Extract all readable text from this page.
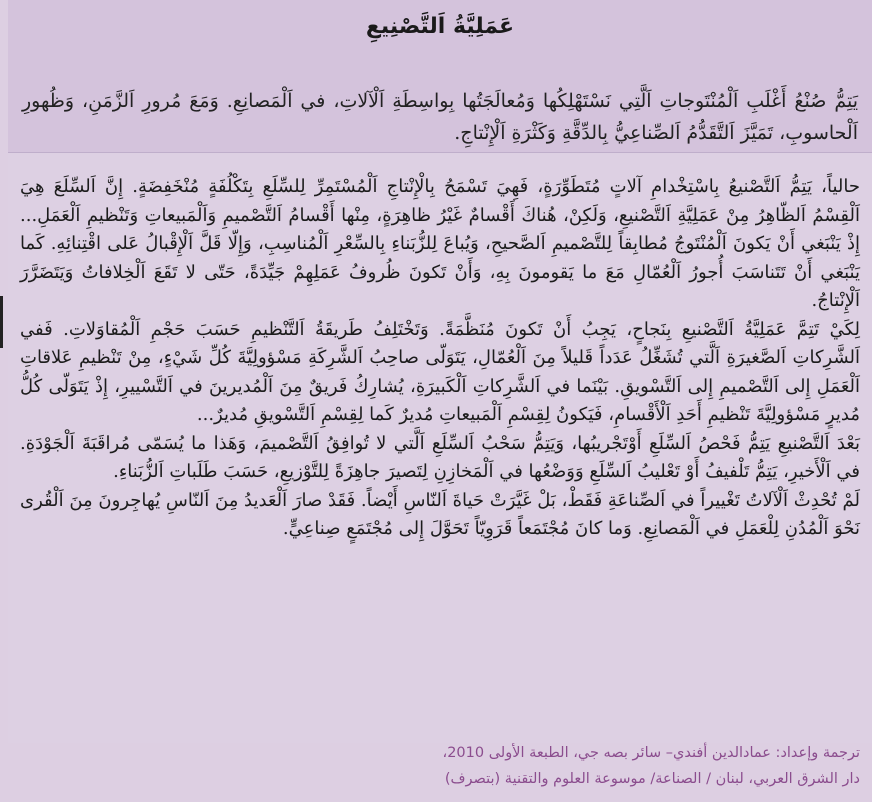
عَمَلِيَّةُ اَلتَّصْنِيعِ

يَتِمُّ صُنْعُ أَغْلَبِ اَلْمُنْتَوجاتِ اَلَّتِي نَسْتَهْلِكُها وَمُعالَجَتُها بِواسِطَةِ اَلْآلاتِ، في اَلْمَصانِعِ. وَمَعَ مُرورِ اَلزَّمَنِ، وَظُهورِ اَلْحاسوبِ، تَمَيَّزَ اَلتَّقَدُّمُ اَلصِّناعِيُّ بِالدِّقَّةِ وَكَثْرَةِ اَلْإِنْتاجِ.

حالياً، يَتِمُّ اَلتَّصْنيعُ بِاسْتِخْدامِ آلاتٍ مُتَطَوِّرَةٍ، فَهِيَ تَسْمَحُ بِالْإِنْتاجِ اَلْمُسْتَمِرِّ لِلسِّلَعِ بِتَكْلُفَةٍ مُنْخَفِضَةٍ. إِنَّ اَلسِّلَعَ هِيَ اَلْقِسْمُ اَلظّاهِرُ مِنْ عَمَلِيَّةِ اَلتَّصْنيعِ، وَلَكِنْ، هُناكَ أَقْسامٌ غَيْرُ ظاهِرَةٍ، مِنْها أَقْسامُ اَلتَّصْميمِ وَاَلْمَبيعاتِ وَتَنْظيمِ اَلْعَمَلِ... إِذْ يَنْبَغي أَنْ يَكونَ اَلْمُنْتَوجُ مُطابِقاً لِلتَّصْميمِ اَلصَّحيحِ، وَيُباعَ لِلزُّبَناءِ بِالسِّعْرِ اَلْمُناسِبِ، وَإِلّا قَلَّ اَلْإِقْبالُ عَلى اقْتِنائِهِ. كَما يَنْبَغي أَنْ تَتَناسَبَ أُجورُ اَلْعُمّالِ مَعَ ما يَقومونَ بِهِ، وَأَنْ تَكونَ ظُروفُ عَمَلِهِمْ جَيِّدَةً، حَتّى لا تَقَعَ اَلْخِلافاتُ وَيَتَضَرَّرَ اَلْإِنْتاجُ.

لِكَيْ تَتِمَّ عَمَلِيَّةُ اَلتَّصْنيعِ بِنَجاحٍ، يَجِبُ أَنْ تَكونَ مُنَظَّمَةً. وَتَخْتَلِفُ طَريقَةُ اَلتَّنْظيمِ حَسَبَ حَجْمِ اَلْمُقاوَلاتِ. فَفي اَلشَّرِكاتِ اَلصَّغيرَةِ اَلَّتي تُشَغِّلُ عَدَداً قَليلاً مِنَ اَلْعُمّالِ، يَتَوَلّى صاحِبُ اَلشَّرِكَةِ مَسْؤولِيَّةَ كُلِّ شَيْءٍ، مِنْ تَنْظيمِ عَلاقاتِ اَلْعَمَلِ إِلى اَلتَّصْميمِ إِلى اَلتَّسْويقِ. بَيْنَما في اَلشَّرِكاتِ اَلْكَبيرَةِ، يُشارِكُ فَريقٌ مِنَ اَلْمُديرينَ في اَلتَّسْييرِ، إِذْ يَتَوَلّى كُلُّ مُديرٍ مَسْؤولِيَّةَ تَنْظيمِ أَحَدِ اَلْأَقْسامِ، فَيَكونُ لِقِسْمِ اَلْمَبيعاتِ مُديرٌ كَما لِقِسْمِ اَلتَّسْويقِ مُديرٌ...

بَعْدَ اَلتَّصْنيعِ يَتِمُّ فَحْصُ اَلسِّلَعِ أَوْتَجْريبُها، وَيَتِمُّ سَحْبُ اَلسِّلَعِ اَلَّتي لا تُوافِقُ اَلتَّصْميمَ، وَهَذا ما يُسَمّى مُراقَبَةَ اَلْجَوْدَةِ. في اَلْأَخيرِ، يَتِمُّ تَلْفيفُ أَوْ تَعْليبُ اَلسِّلَعِ وَوَضْعُها في اَلْمَخازِنِ لِتَصيرَ جاهِزَةً لِلتَّوْزيعِ، حَسَبَ طَلَباتِ اَلزُّبَناءِ.

لَمْ تُحْدِثْ اَلْآلاتُ تَغْييراً في اَلصِّناعَةِ فَقَطْ، بَلْ غَيَّرَتْ حَياةَ اَلنّاسِ أَيْضاً. فَقَدْ صارَ اَلْعَديدُ مِنَ اَلنّاسِ يُهاجِرونَ مِنَ اَلْقُرى نَحْوَ اَلْمُدُنِ لِلْعَمَلِ في اَلْمَصانِعِ. وَما كانَ مُجْتَمَعاً قَرَوِيّاً تَحَوَّلَ إِلى مُجْتَمَعٍ صِناعِيٍّ.

ترجمة وإعداد: عمادالدين أفندي– سائر بصه جي، الطبعة الأولى 2010،
دار الشرق العربي، لبنان / الصناعة/ موسوعة العلوم والتقنية (بتصرف)
